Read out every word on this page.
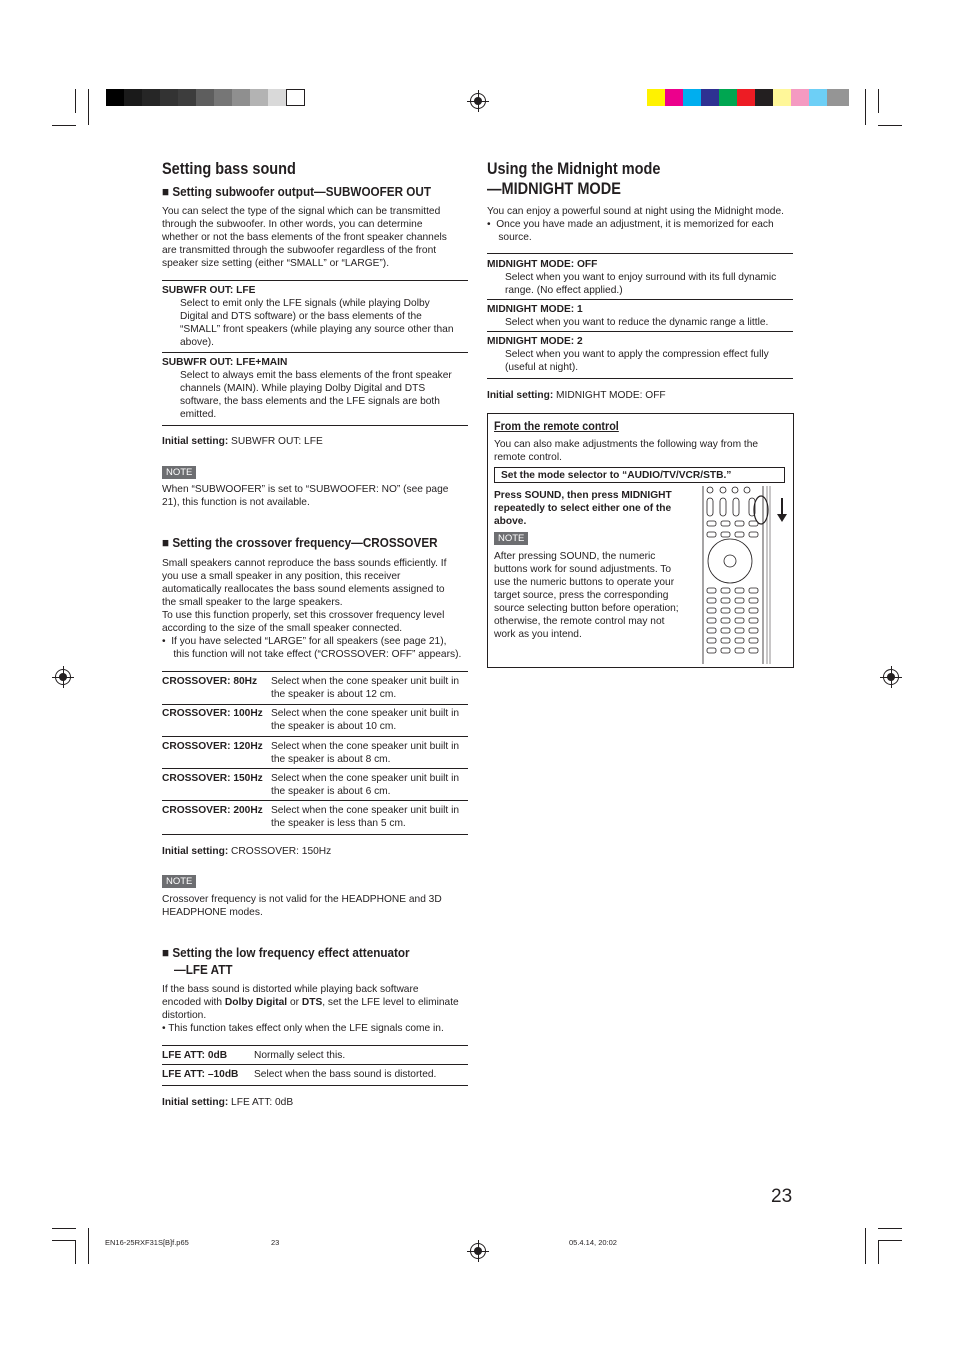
Setting bass sound
■ Setting subwoofer output—SUBWOOFER OUT
You can select the type of the signal which can be transmitted
through the subwoofer. In other words, you can determine
whether or not the bass elements of the front speaker channels
are transmitted through the subwoofer regardless of the front
speaker size setting (either “SMALL” or “LARGE”).
SUBWFR OUT: LFE
Select to emit only the LFE signals (while playing Dolby
Digital and DTS software) or the bass elements of the
“SMALL” front speakers (while playing any source other than
above).
SUBWFR OUT: LFE+MAIN
Select to always emit the bass elements of the front speaker
channels (MAIN). While playing Dolby Digital and DTS
software, the bass elements and the LFE signals are both
emitted.
Initial setting: SUBWFR OUT: LFE
NOTE
When “SUBWOOFER” is set to “SUBWOOFER: NO” (see page
21), this function is not available.
■ Setting the crossover frequency—CROSSOVER
Small speakers cannot reproduce the bass sounds efficiently. If
you use a small speaker in any position, this receiver
automatically reallocates the bass sound elements assigned to
the small speaker to the large speakers.
To use this function properly, set this crossover frequency level
according to the size of the small speaker connected.
•  If you have selected “LARGE” for all speakers (see page 21),
this function will not take effect (“CROSSOVER: OFF” appears).
CROSSOVER: 80Hz Select when the cone speaker unit built in
the speaker is about 12 cm.
CROSSOVER: 100Hz Select when the cone speaker unit built in
the speaker is about 10 cm.
CROSSOVER: 120Hz Select when the cone speaker unit built in
the speaker is about 8 cm.
CROSSOVER: 150Hz Select when the cone speaker unit built in
the speaker is about 6 cm.
CROSSOVER: 200Hz Select when the cone speaker unit built in
the speaker is less than 5 cm.
Initial setting: CROSSOVER: 150Hz
NOTE
Crossover frequency is not valid for the HEADPHONE and 3D
HEADPHONE modes.
■ Setting the low frequency effect attenuator
—LFE ATT
If the bass sound is distorted while playing back software
encoded with Dolby Digital or DTS, set the LFE level to eliminate
distortion.
• This function takes effect only when the LFE signals come in.
LFE ATT: 0dB	Normally select this.
LFE ATT: –10dB Select when the bass sound is distorted.
Initial setting: LFE ATT: 0dB
Using the Midnight mode
—MIDNIGHT MODE
You can enjoy a powerful sound at night using the Midnight mode.
•  Once you have made an adjustment, it is memorized for each
source.
MIDNIGHT MODE: OFF
Select when you want to enjoy surround with its full dynamic
range. (No effect applied.)
MIDNIGHT MODE: 1
Select when you want to reduce the dynamic range a little.
MIDNIGHT MODE: 2
Select when you want to apply the compression effect fully
(useful at night).
Initial setting: MIDNIGHT MODE: OFF
From the remote control
You can also make adjustments the following way from the
remote control.
Set the mode selector to “AUDIO/TV/VCR/STB.”
Press SOUND, then press MIDNIGHT
repeatedly to select either one of the
above.
NOTE
After pressing SOUND, the numeric
buttons work for sound adjustments. To
use the numeric buttons to operate your
target source, press the corresponding
source selecting button before operation;
otherwise, the remote control may not
work as you intend.
23
EN16-25RXF31S[B]f.p65	23	05.4.14, 20:02
